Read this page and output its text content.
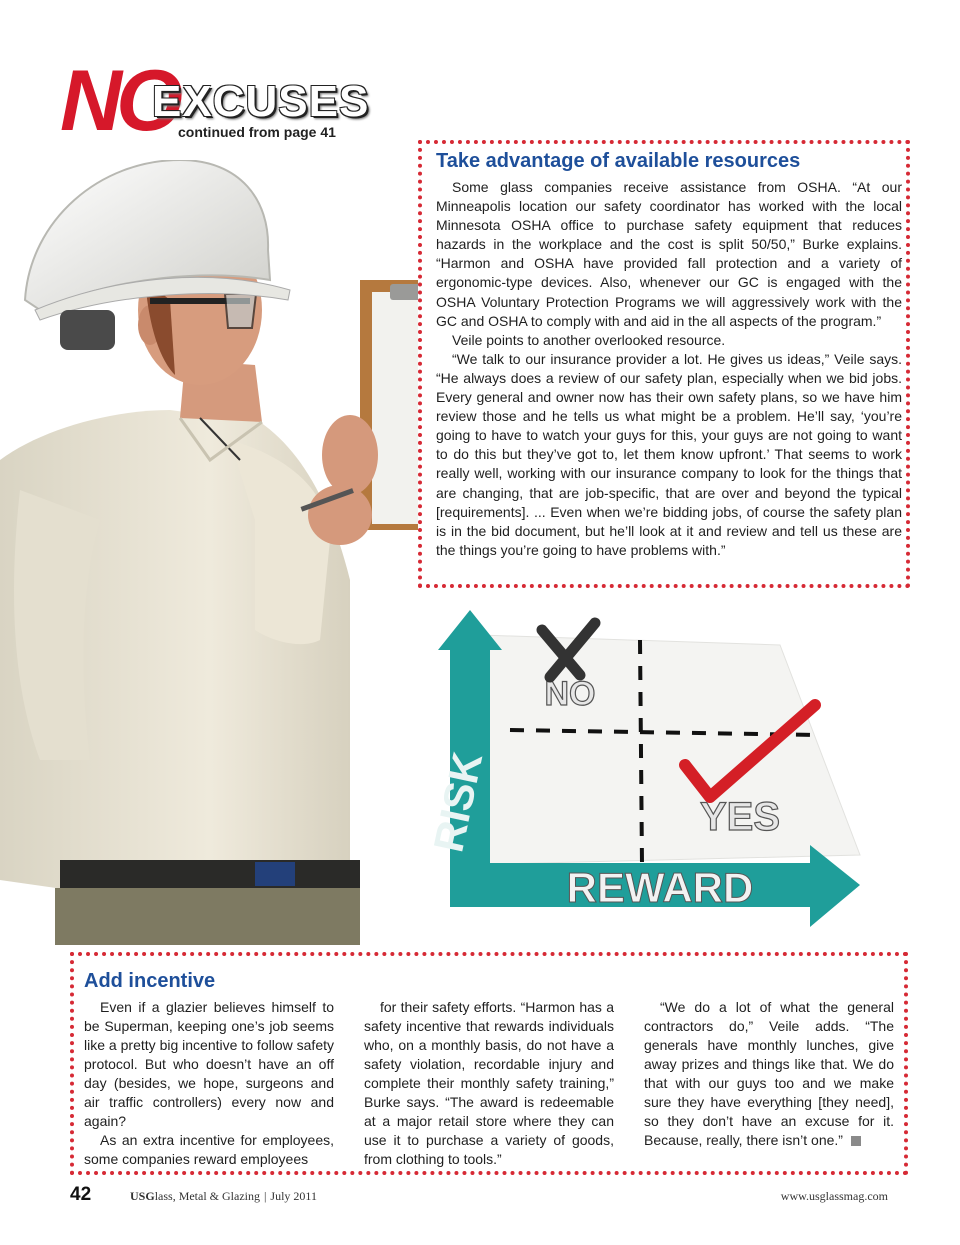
NO
EXCUSES
continued from page 41
Take advantage of available resources

Some glass companies receive assistance from OSHA. “At our Minneapolis location our safety coordinator has worked with the local Minnesota OSHA office to purchase safety equipment that reduces hazards in the workplace and the cost is split 50/50,” Burke explains. “Harmon and OSHA have provided fall protection and a variety of ergonomic-type devices. Also, whenever our GC is engaged with the OSHA Voluntary Protection Programs we will aggressively work with the GC and OSHA to comply with and aid in the all aspects of the program.”

Veile points to another overlooked resource.

“We talk to our insurance provider a lot. He gives us ideas,” Veile says. “He always does a review of our safety plan, especially when we bid jobs. Every general and owner now has their own safety plans, so we have him review those and he tells us what might be a problem. He’ll say, ‘you’re going to have to watch your guys for this, your guys are not going to want to do this but they’ve got to, let them know upfront.’ That seems to work really well, working with our insurance company to look for the things that are changing, that are job-specific, that are over and beyond the typical [requirements]. ... Even when we’re bidding jobs, of course the safety plan is in the bid document, but he’ll look at it and review and tell us these are the things you’re going to have problems with.”

RISK
REWARD
NO
YES
Add incentive

Even if a glazier believes himself to be Superman, keeping one’s job seems like a pretty big incentive to follow safety protocol. But who doesn’t have an off day (besides, we hope, surgeons and air traffic controllers) every now and again?

As an extra incentive for employees, some companies reward employees

for their safety efforts. “Harmon has a safety incentive that rewards individuals who, on a monthly basis, do not have a safety violation, recordable injury and complete their monthly safety training,” Burke says. “The award is redeemable at a major retail store where they can use it to purchase a variety of goods, from clothing to tools.”

“We do a lot of what the general contractors do,” Veile adds. “The generals have monthly lunches, give away prizes and things like that. We do that with our guys too and we make sure they have everything [they need], so they don’t have an excuse for it. Because, really, there isn’t one.”

42	USGlass, Metal & Glazing | July 2011	www.usglassmag.com
